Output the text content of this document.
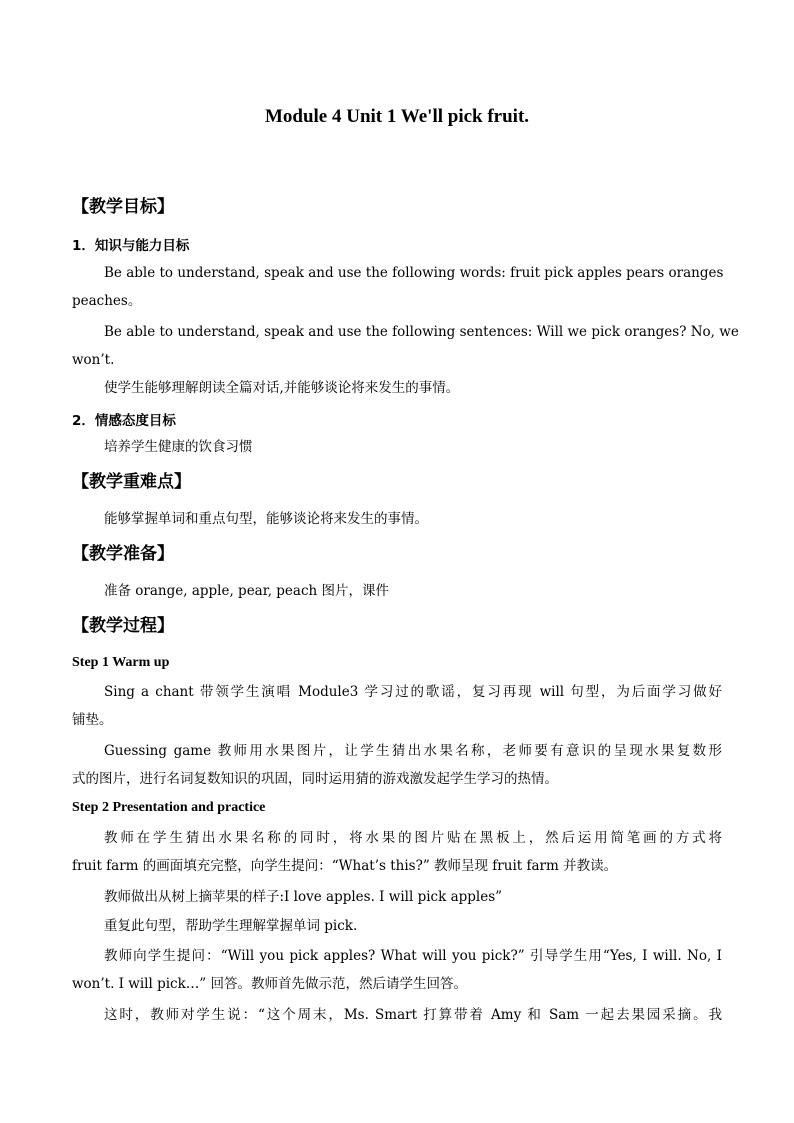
Module 4 Unit 1 We'll pick fruit.
【教学目标】
1．知识与能力目标
Be able to understand, speak and use the following words: fruit pick apples pears oranges
peaches。
Be able to understand, speak and use the following sentences: Will we pick oranges? No, we
won’t.
使学生能够理解朗读全篇对话,并能够谈论将来发生的事情。
2．情感态度目标
培养学生健康的饮食习惯
【教学重难点】
能够掌握单词和重点句型，能够谈论将来发生的事情。
【教学准备】
准备 orange, apple, pear, peach 图片，课件
【教学过程】
Step 1 Warm up
Sing a chant 带领学生演唱 Module3 学习过的歌谣，复习再现 will 句型，为后面学习做好
铺垫。
Guessing game 教师用水果图片，让学生猜出水果名称，老师要有意识的呈现水果复数形
式的图片，进行名词复数知识的巩固，同时运用猜的游戏激发起学生学习的热情。
Step 2 Presentation and practice
教师在学生猜出水果名称的同时，将水果的图片贴在黑板上，然后运用简笔画的方式将
fruit farm 的画面填充完整，向学生提问：“What’s this?” 教师呈现 fruit farm 并教读。
教师做出从树上摘苹果的样子:I love apples. I will pick apples”
重复此句型，帮助学生理解掌握单词 pick.
教师向学生提问：“Will you pick apples? What will you pick?” 引导学生用“Yes, I will. No, I
won’t. I will pick…” 回答。教师首先做示范，然后请学生回答。
这时，教师对学生说：“这个周末，Ms. Smart 打算带着 Amy 和 Sam 一起去果园采摘。我
